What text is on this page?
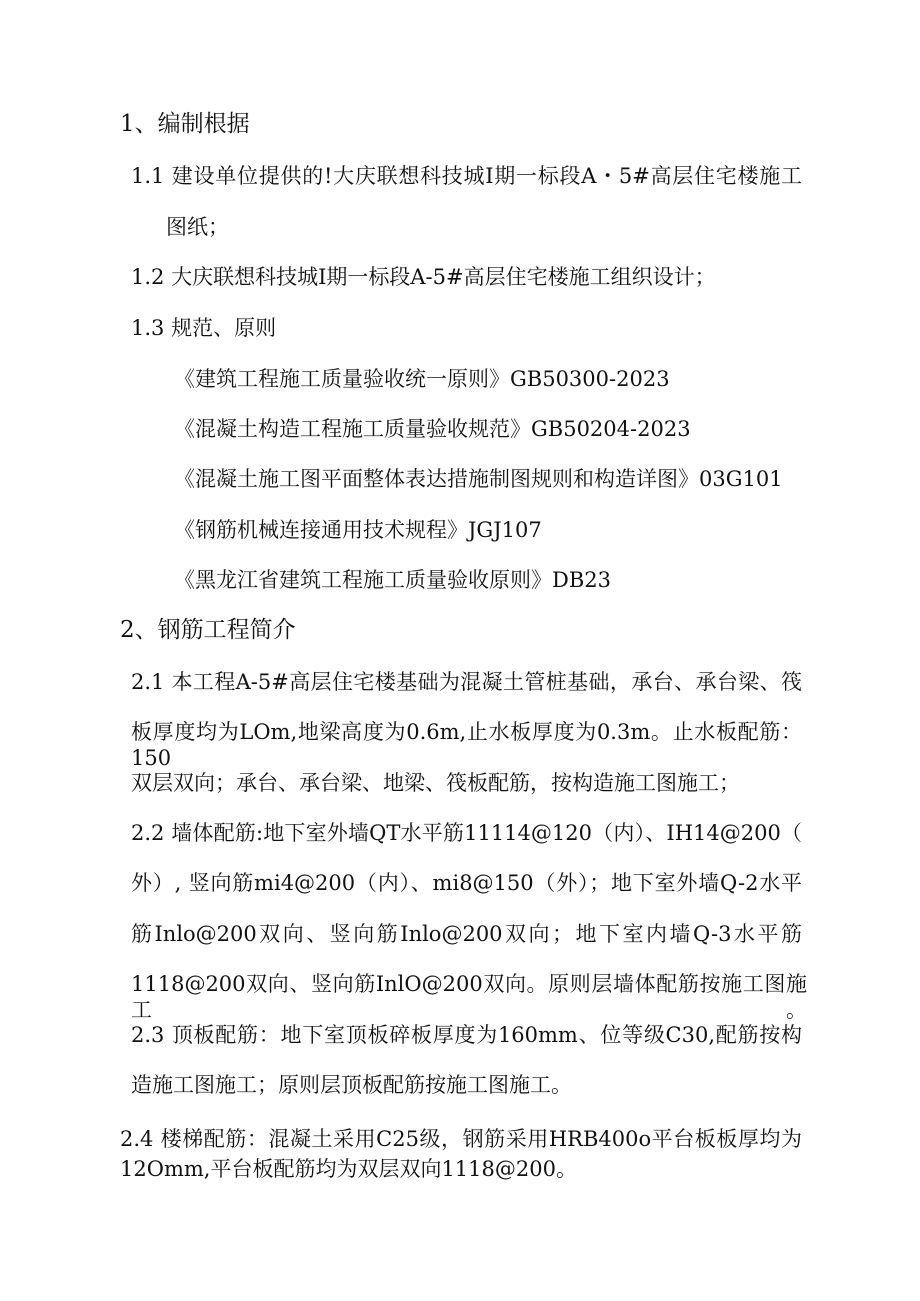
1、编制根据
1.1 建设单位提供的!大庆联想科技城I期一标段A・5#高层住宅楼施工
图纸；
1.2 大庆联想科技城I期一标段A-5#高层住宅楼施工组织设计；
1.3 规范、原则
《建筑工程施工质量验收统一原则》GB50300-2023
《混凝土构造工程施工质量验收规范》GB50204-2023
《混凝土施工图平面整体表达措施制图规则和构造详图》03G101
《钢筋机械连接通用技术规程》JGJ107
《黑龙江省建筑工程施工质量验收原则》DB23
2、钢筋工程简介
2.1 本工程A-5#高层住宅楼基础为混凝土管桩基础，承台、承台梁、筏
板厚度均为LOm,地梁高度为0.6m,止水板厚度为0.3m。止水板配筋：150
双层双向；承台、承台梁、地梁、筏板配筋，按构造施工图施工；
2.2 墙体配筋:地下室外墙QT水平筋11114@120（内）、IH14@200（
外）, 竖向筋mi4@200（内）、mi8@150（外）；地下室外墙Q-2水平
筋Inlo@200双向、竖向筋Inlo@200双向；地下室内墙Q-3水平筋
1118@200双向、竖向筋InlO@200双向。原则层墙体配筋按施工图施工。
2.3 顶板配筋：地下室顶板碎板厚度为160mm、位等级C30,配筋按构
造施工图施工；原则层顶板配筋按施工图施工。
2.4 楼梯配筋：混凝土采用C25级，钢筋采用HRB400o平台板板厚均为
12Omm,平台板配筋均为双层双向1118@200。
